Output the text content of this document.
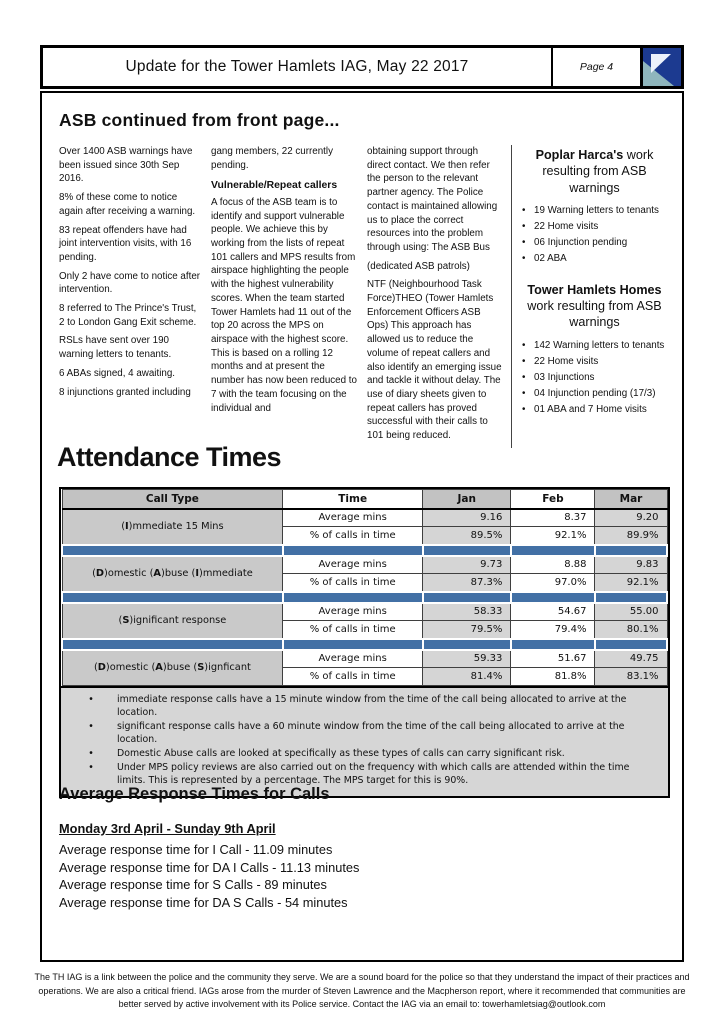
Update for the Tower Hamlets IAG, May 22 2017	Page 4
ASB continued from front page...

Over 1400 ASB warnings have been issued since 30th Sep 2016.

8% of these come to notice again after receiving a warning.

83 repeat offenders have had joint intervention visits, with 16 pending.

Only 2 have come to notice after intervention.

8 referred to The Prince's Trust, 2 to London Gang Exit scheme.

RSLs have sent over 190 warning letters to tenants.

6 ABAs signed, 4 awaiting.

8 injunctions granted including

gang members, 22 currently pending.

Vulnerable/Repeat callers

A focus of the ASB team is to identify and support vulnerable people. We achieve this by working from the lists of repeat 101 callers and MPS results from airspace highlighting the people with the highest vulnerability scores. When the team started Tower Hamlets had 11 out of the top 20 across the MPS on airspace with the highest score. This is based on a rolling 12 months and at present the number has now been reduced to 7 with the team focusing on the individual and

obtaining support through direct contact. We then refer the person to the relevant partner agency. The Police contact is maintained allowing us to place the correct resources into the problem through using: The ASB Bus

(dedicated ASB patrols)

NTF (Neighbourhood Task Force)THEO (Tower Hamlets Enforcement Officers ASB Ops) This approach has allowed us to reduce the volume of repeat callers and also identify an emerging issue and tackle it without delay. The use of diary sheets given to repeat callers has proved successful with their calls to 101 being reduced.

Poplar Harca's work resulting from ASB warnings
• 19 Warning letters to tenants
• 22 Home visits
• 06 Injunction pending
• 02 ABA
Tower Hamlets Homes work resulting from ASB warnings
• 142 Warning letters to tenants
• 22 Home visits
• 03 Injunctions
• 04 Injunction pending (17/3)
• 01 ABA and 7 Home visits
Attendance Times
Call Type	Time	Jan	Feb	Mar
(I)mmediate 15 Mins	Average mins	9.16	8.37	9.20
	% of calls in time	89.5%	92.1%	89.9%

(D)omestic (A)buse (I)mmediate	Average mins	9.73	8.88	9.83
	% of calls in time	87.3%	97.0%	92.1%

(S)ignificant response	Average mins	58.33	54.67	55.00
	% of calls in time	79.5%	79.4%	80.1%

(D)omestic (A)buse (S)ignficant	Average mins	59.33	51.67	49.75
	% of calls in time	81.4%	81.8%	83.1%
•	immediate response calls have a 15 minute window from the time of the call being allocated to arrive at the location.
•	significant response calls have a 60 minute window from the time of the call being allocated to arrive at the location.
•	Domestic Abuse calls are looked at specifically as these types of calls can carry significant risk.
•	Under MPS policy reviews are also carried out on the frequency with which calls are attended within the time limits. This is represented by a percentage. The MPS target for this is 90%.
Average Response Times for Calls
Monday 3rd April - Sunday 9th April
Average response time for I Call - 11.09 minutes
Average response time for DA I Calls - 11.13 minutes
Average response time for S Calls - 89 minutes
Average response time for DA S Calls - 54 minutes
The TH IAG is a link between the police and the community they serve. We are a sound board for the police so that they understand the impact of their practices and operations. We are also a critical friend. IAGs arose from the murder of Steven Lawrence and the Macpherson report, where it recommended that communities are better served by active involvement with its Police service. Contact the IAG via an email to: towerhamletsiag@outlook.com
